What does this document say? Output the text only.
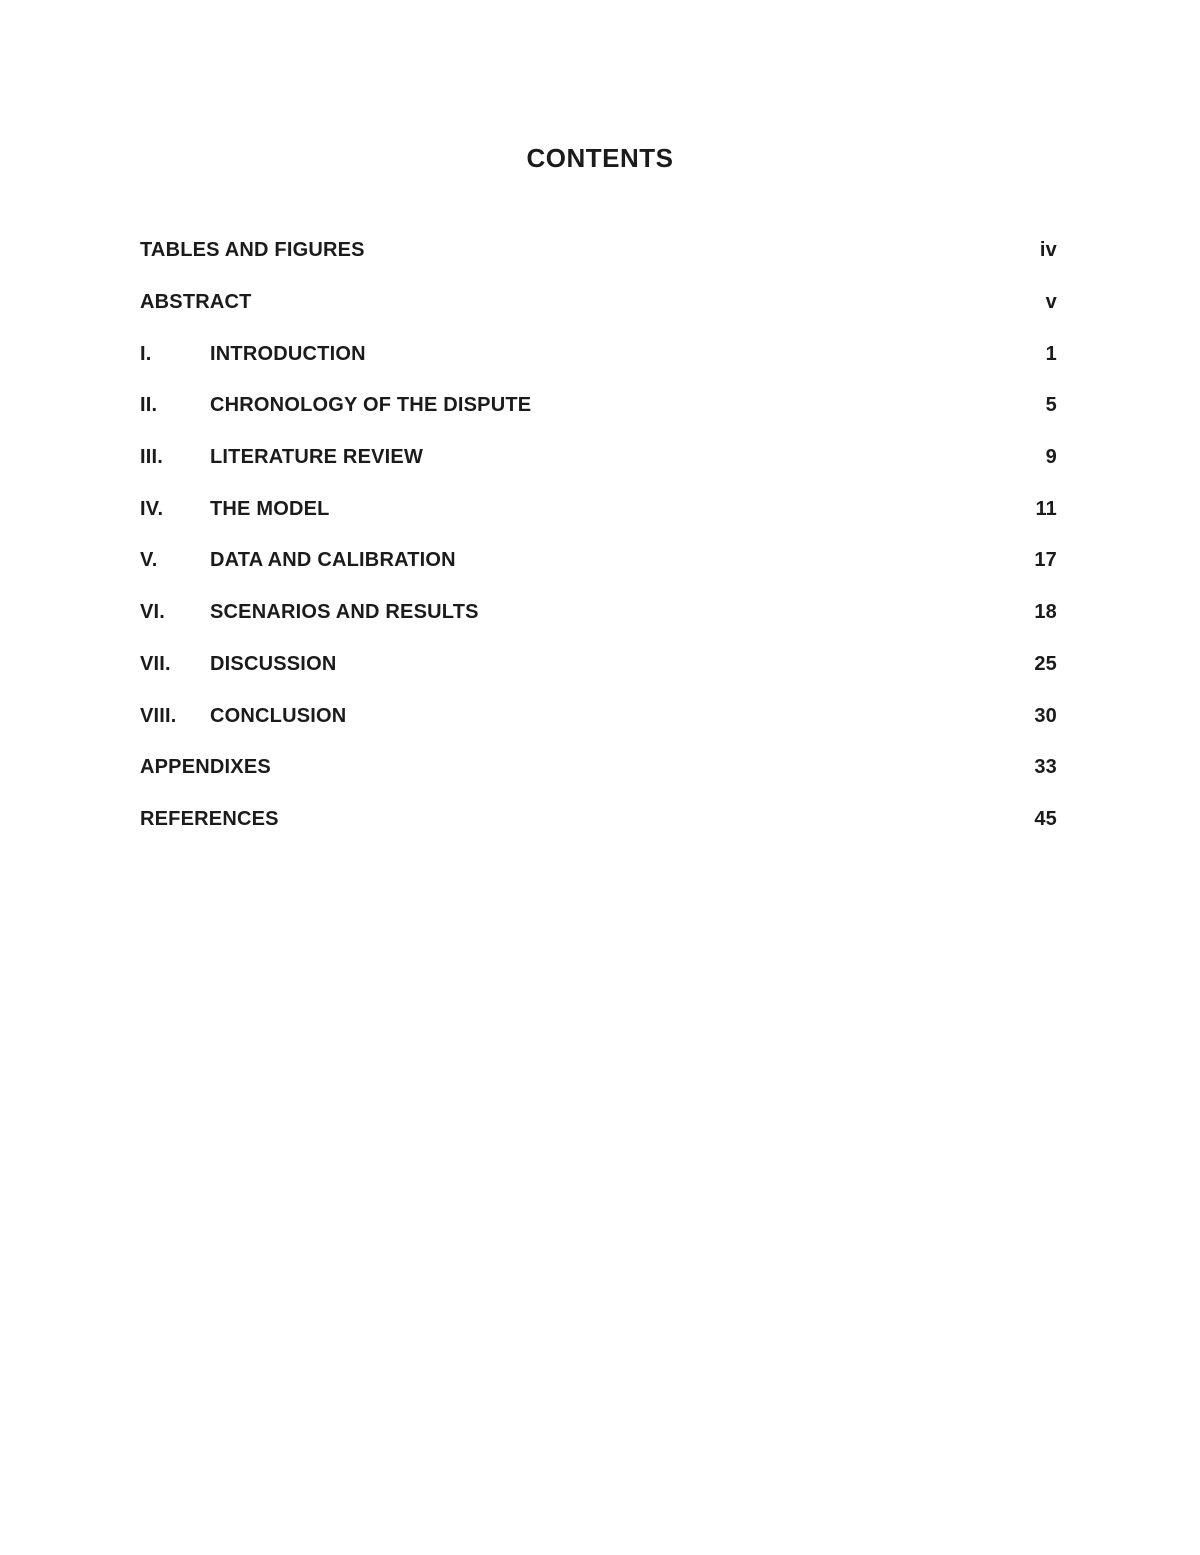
CONTENTS
TABLES AND FIGURES	iv
ABSTRACT	v
I.	INTRODUCTION	1
II.	CHRONOLOGY OF THE DISPUTE	5
III.	LITERATURE REVIEW	9
IV.	THE MODEL	11
V.	DATA AND CALIBRATION	17
VI.	SCENARIOS AND RESULTS	18
VII.	DISCUSSION	25
VIII.	CONCLUSION	30
APPENDIXES	33
REFERENCES	45
